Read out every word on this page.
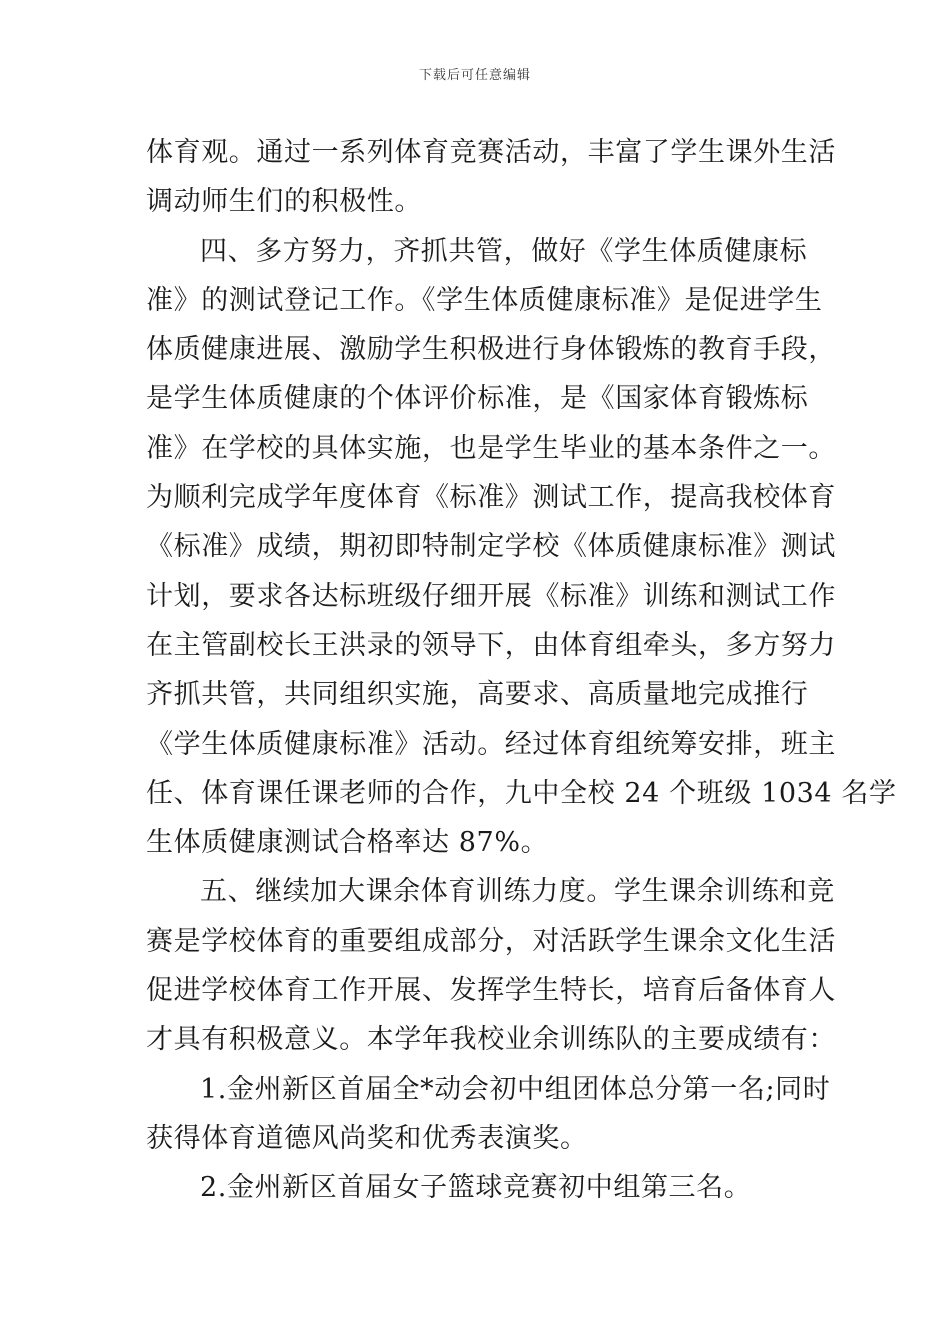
下载后可任意编辑
体育观。通过一系列体育竞赛活动，丰富了学生课外生活
调动师生们的积极性。
四、多方努力，齐抓共管，做好《学生体质健康标
准》的测试登记工作。《学生体质健康标准》是促进学生
体质健康进展、激励学生积极进行身体锻炼的教育手段，
是学生体质健康的个体评价标准，是《国家体育锻炼标
准》在学校的具体实施，也是学生毕业的基本条件之一。
为顺利完成学年度体育《标准》测试工作，提高我校体育
《标准》成绩，期初即特制定学校《体质健康标准》测试
计划，要求各达标班级仔细开展《标准》训练和测试工作
在主管副校长王洪录的领导下，由体育组牵头，多方努力
齐抓共管，共同组织实施，高要求、高质量地完成推行
《学生体质健康标准》活动。经过体育组统筹安排，班主
任、体育课任课老师的合作，九中全校 24 个班级 1034 名学
生体质健康测试合格率达 87%。
五、继续加大课余体育训练力度。学生课余训练和竞
赛是学校体育的重要组成部分，对活跃学生课余文化生活
促进学校体育工作开展、发挥学生特长，培育后备体育人
才具有积极意义。本学年我校业余训练队的主要成绩有：
1.金州新区首届全*动会初中组团体总分第一名;同时
获得体育道德风尚奖和优秀表演奖。
2.金州新区首届女子篮球竞赛初中组第三名。
